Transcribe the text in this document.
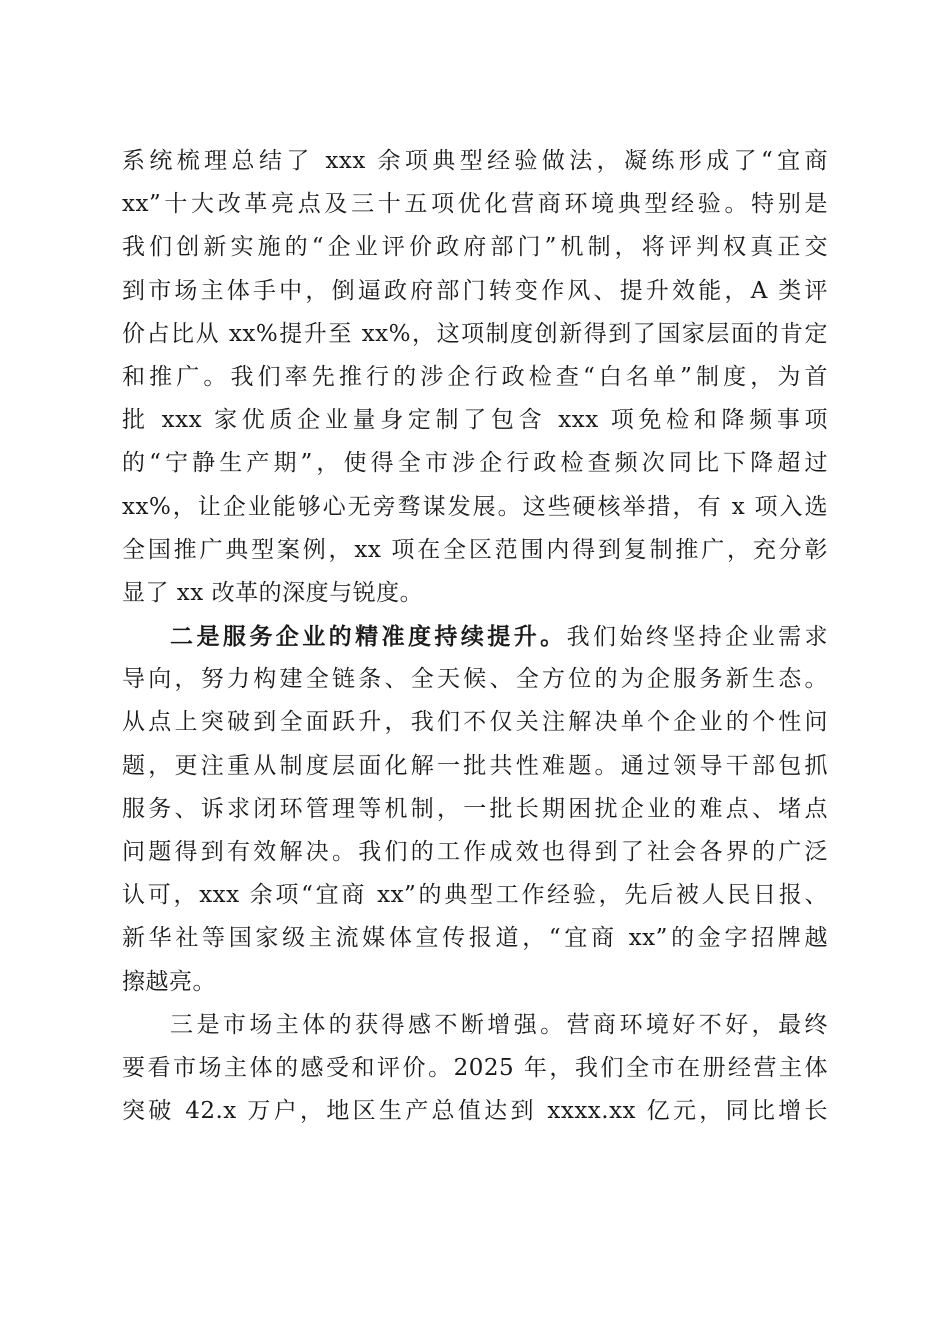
系统梳理总结了 xxx 余项典型经验做法，凝练形成了“宜商
xx”十大改革亮点及三十五项优化营商环境典型经验。特别是
我们创新实施的“企业评价政府部门”机制，将评判权真正交
到市场主体手中，倒逼政府部门转变作风、提升效能，A 类评
价占比从 xx%提升至 xx%，这项制度创新得到了国家层面的肯定
和推广。我们率先推行的涉企行政检查“白名单”制度，为首
批 xxx 家优质企业量身定制了包含 xxx 项免检和降频事项
的“宁静生产期”，使得全市涉企行政检查频次同比下降超过
xx%，让企业能够心无旁骛谋发展。这些硬核举措，有 x 项入选
全国推广典型案例，xx 项在全区范围内得到复制推广，充分彰
显了 xx 改革的深度与锐度。
二是服务企业的精准度持续提升。我们始终坚持企业需求
导向，努力构建全链条、全天候、全方位的为企服务新生态。
从点上突破到全面跃升，我们不仅关注解决单个企业的个性问
题，更注重从制度层面化解一批共性难题。通过领导干部包抓
服务、诉求闭环管理等机制，一批长期困扰企业的难点、堵点
问题得到有效解决。我们的工作成效也得到了社会各界的广泛
认可，xxx 余项“宜商 xx”的典型工作经验，先后被人民日报、
新华社等国家级主流媒体宣传报道，“宜商 xx”的金字招牌越
擦越亮。
三是市场主体的获得感不断增强。营商环境好不好，最终
要看市场主体的感受和评价。2025 年，我们全市在册经营主体
突破 42.x 万户，地区生产总值达到 xxxx.xx 亿元，同比增长
